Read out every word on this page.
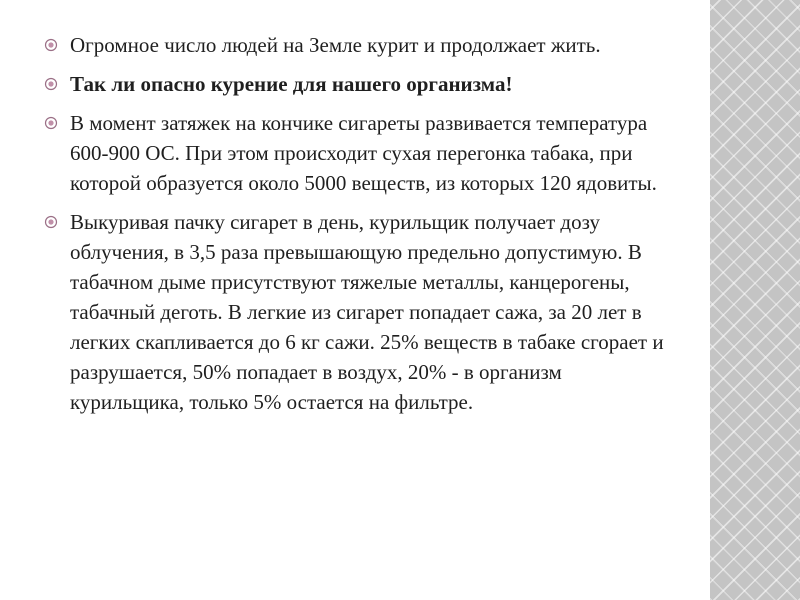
Огромное число людей на Земле курит и продолжает жить.
Так ли опасно курение для нашего организма!
В момент затяжек на кончике сигареты развивается температура 600-900 ОС. При этом происходит сухая перегонка табака, при которой образуется около 5000 веществ, из которых 120 ядовиты.
Выкуривая пачку сигарет в день, курильщик получает дозу облучения, в 3,5 раза превышающую предельно допустимую. В табачном дыме присутствуют тяжелые металлы, канцерогены, табачный деготь. В легкие из сигарет попадает сажа, за 20 лет в легких скапливается до 6 кг сажи. 25% веществ в табаке сгорает и разрушается, 50% попадает в воздух, 20% - в организм курильщика, только 5% остается на фильтре.
